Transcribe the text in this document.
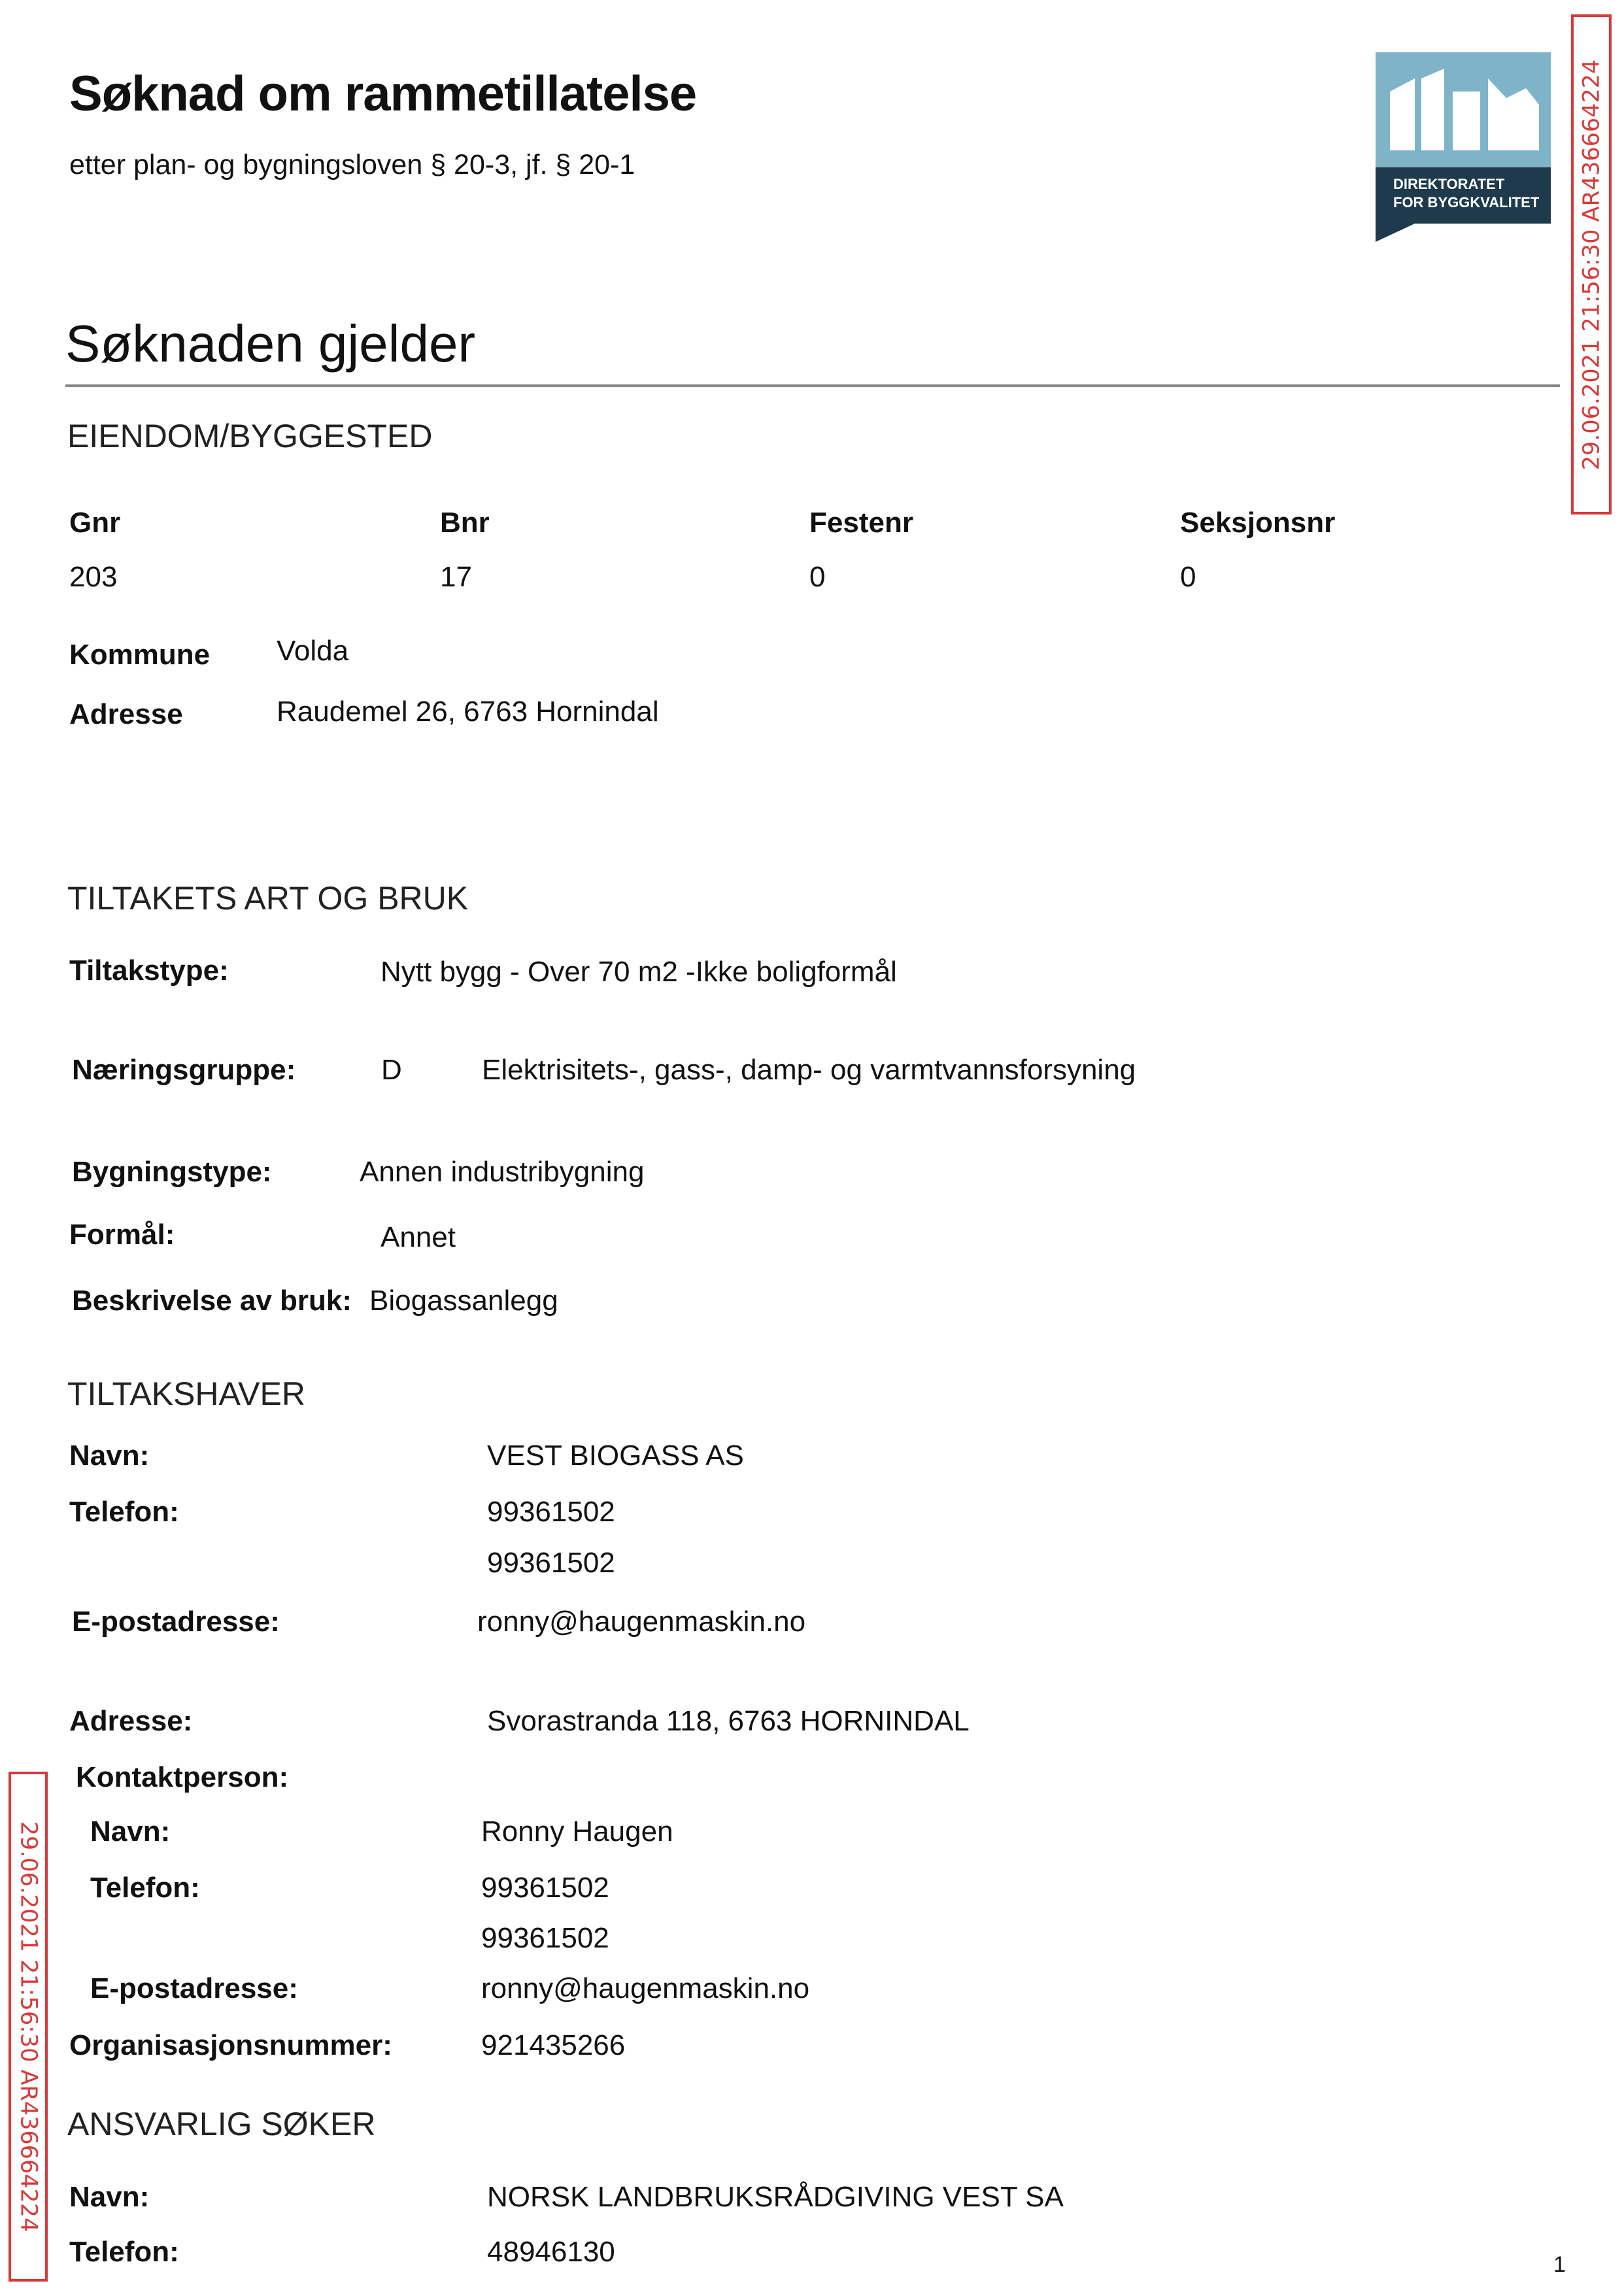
Søknad om rammetillatelse
etter plan- og bygningsloven § 20-3, jf. § 20-1
DIREKTORATET
FOR BYGGKVALITET 29.06.2021 21:56:30 AR436664224
29.06.2021 21:56:30 AR436664224
Søknaden gjelder
EIENDOM/BYGGESTED
Gnr	Bnr	Festenr	Seksjonsnr
203	17	0	0
Kommune Volda
Adresse	Raudemel 26, 6763 Hornindal
TILTAKETS ART OG BRUK
Tiltakstype:	Nytt bygg - Over 70 m2 -Ikke boligformål
Næringsgruppe:	D	Elektrisitets-, gass-, damp- og varmtvannsforsyning
Bygningstype:	Annen industribygning
Formål:	Annet
Beskrivelse av bruk: Biogassanlegg
TILTAKSHAVER
Navn:	VEST BIOGASS AS
Telefon:	99361502
99361502
E-postadresse:	ronny@haugenmaskin.no
Adresse:	Svorastranda 118, 6763 HORNINDAL
Kontaktperson:
Navn:	Ronny Haugen
Telefon:	99361502
99361502
E-postadresse:	ronny@haugenmaskin.no
Organisasjonsnummer:	921435266
ANSVARLIG SØKER
Navn:	NORSK LANDBRUKSRÅDGIVING VEST SA
Telefon:	48946130	1
